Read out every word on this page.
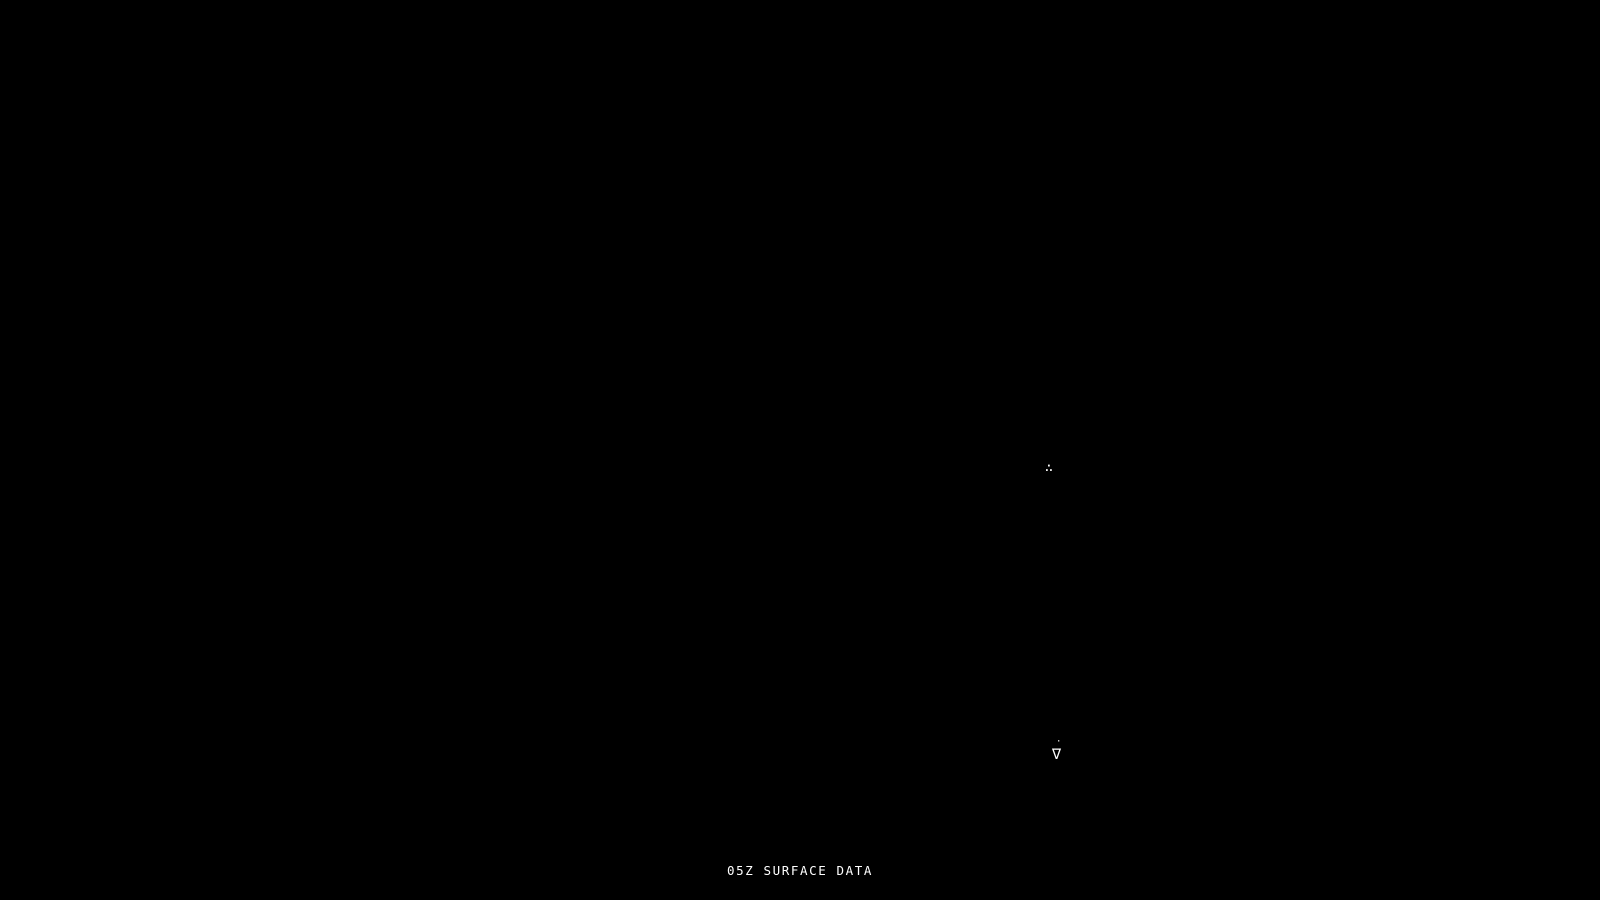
∴
∇
·
05Z SURFACE DATA
